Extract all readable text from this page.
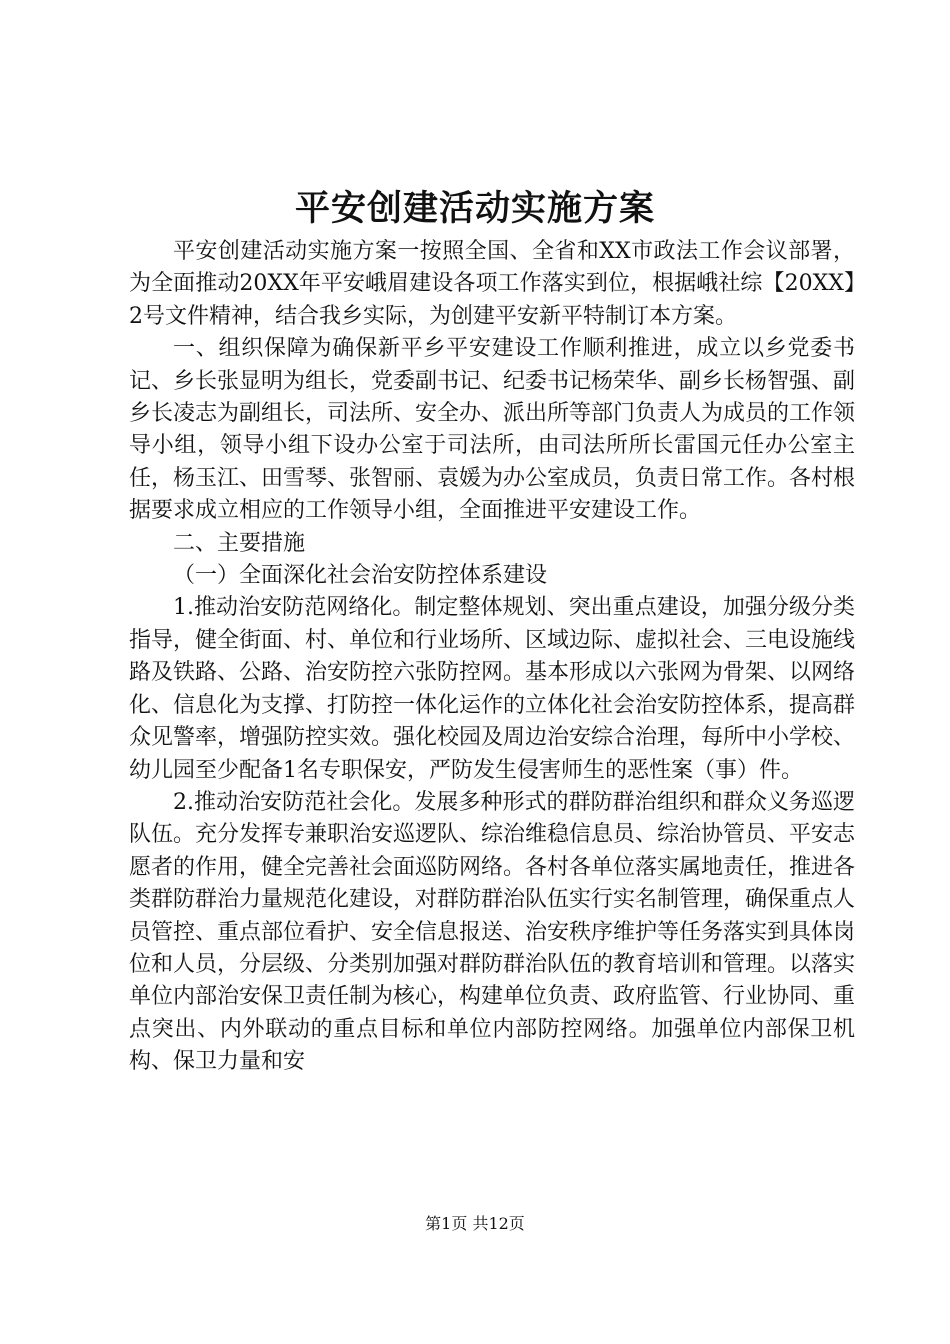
平安创建活动实施方案

平安创建活动实施方案一按照全国、全省和XX市政法工作会议部署，为全面推动20XX年平安峨眉建设各项工作落实到位，根据峨社综【20XX】2号文件精神，结合我乡实际，为创建平安新平特制订本方案。

一、组织保障为确保新平乡平安建设工作顺利推进，成立以乡党委书记、乡长张显明为组长，党委副书记、纪委书记杨荣华、副乡长杨智强、副乡长凌志为副组长，司法所、安全办、派出所等部门负责人为成员的工作领导小组，领导小组下设办公室于司法所，由司法所所长雷国元任办公室主任，杨玉江、田雪琴、张智丽、袁媛为办公室成员，负责日常工作。各村根据要求成立相应的工作领导小组，全面推进平安建设工作。

二、主要措施

（一）全面深化社会治安防控体系建设

1.推动治安防范网络化。制定整体规划、突出重点建设，加强分级分类指导，健全街面、村、单位和行业场所、区域边际、虚拟社会、三电设施线路及铁路、公路、治安防控六张防控网。基本形成以六张网为骨架、以网络化、信息化为支撑、打防控一体化运作的立体化社会治安防控体系，提高群众见警率，增强防控实效。强化校园及周边治安综合治理，每所中小学校、幼儿园至少配备1名专职保安，严防发生侵害师生的恶性案（事）件。

2.推动治安防范社会化。发展多种形式的群防群治组织和群众义务巡逻队伍。充分发挥专兼职治安巡逻队、综治维稳信息员、综治协管员、平安志愿者的作用，健全完善社会面巡防网络。各村各单位落实属地责任，推进各类群防群治力量规范化建设，对群防群治队伍实行实名制管理，确保重点人员管控、重点部位看护、安全信息报送、治安秩序维护等任务落实到具体岗位和人员，分层级、分类别加强对群防群治队伍的教育培训和管理。以落实单位内部治安保卫责任制为核心，构建单位负责、政府监管、行业协同、重点突出、内外联动的重点目标和单位内部防控网络。加强单位内部保卫机构、保卫力量和安

第1页 共12页
